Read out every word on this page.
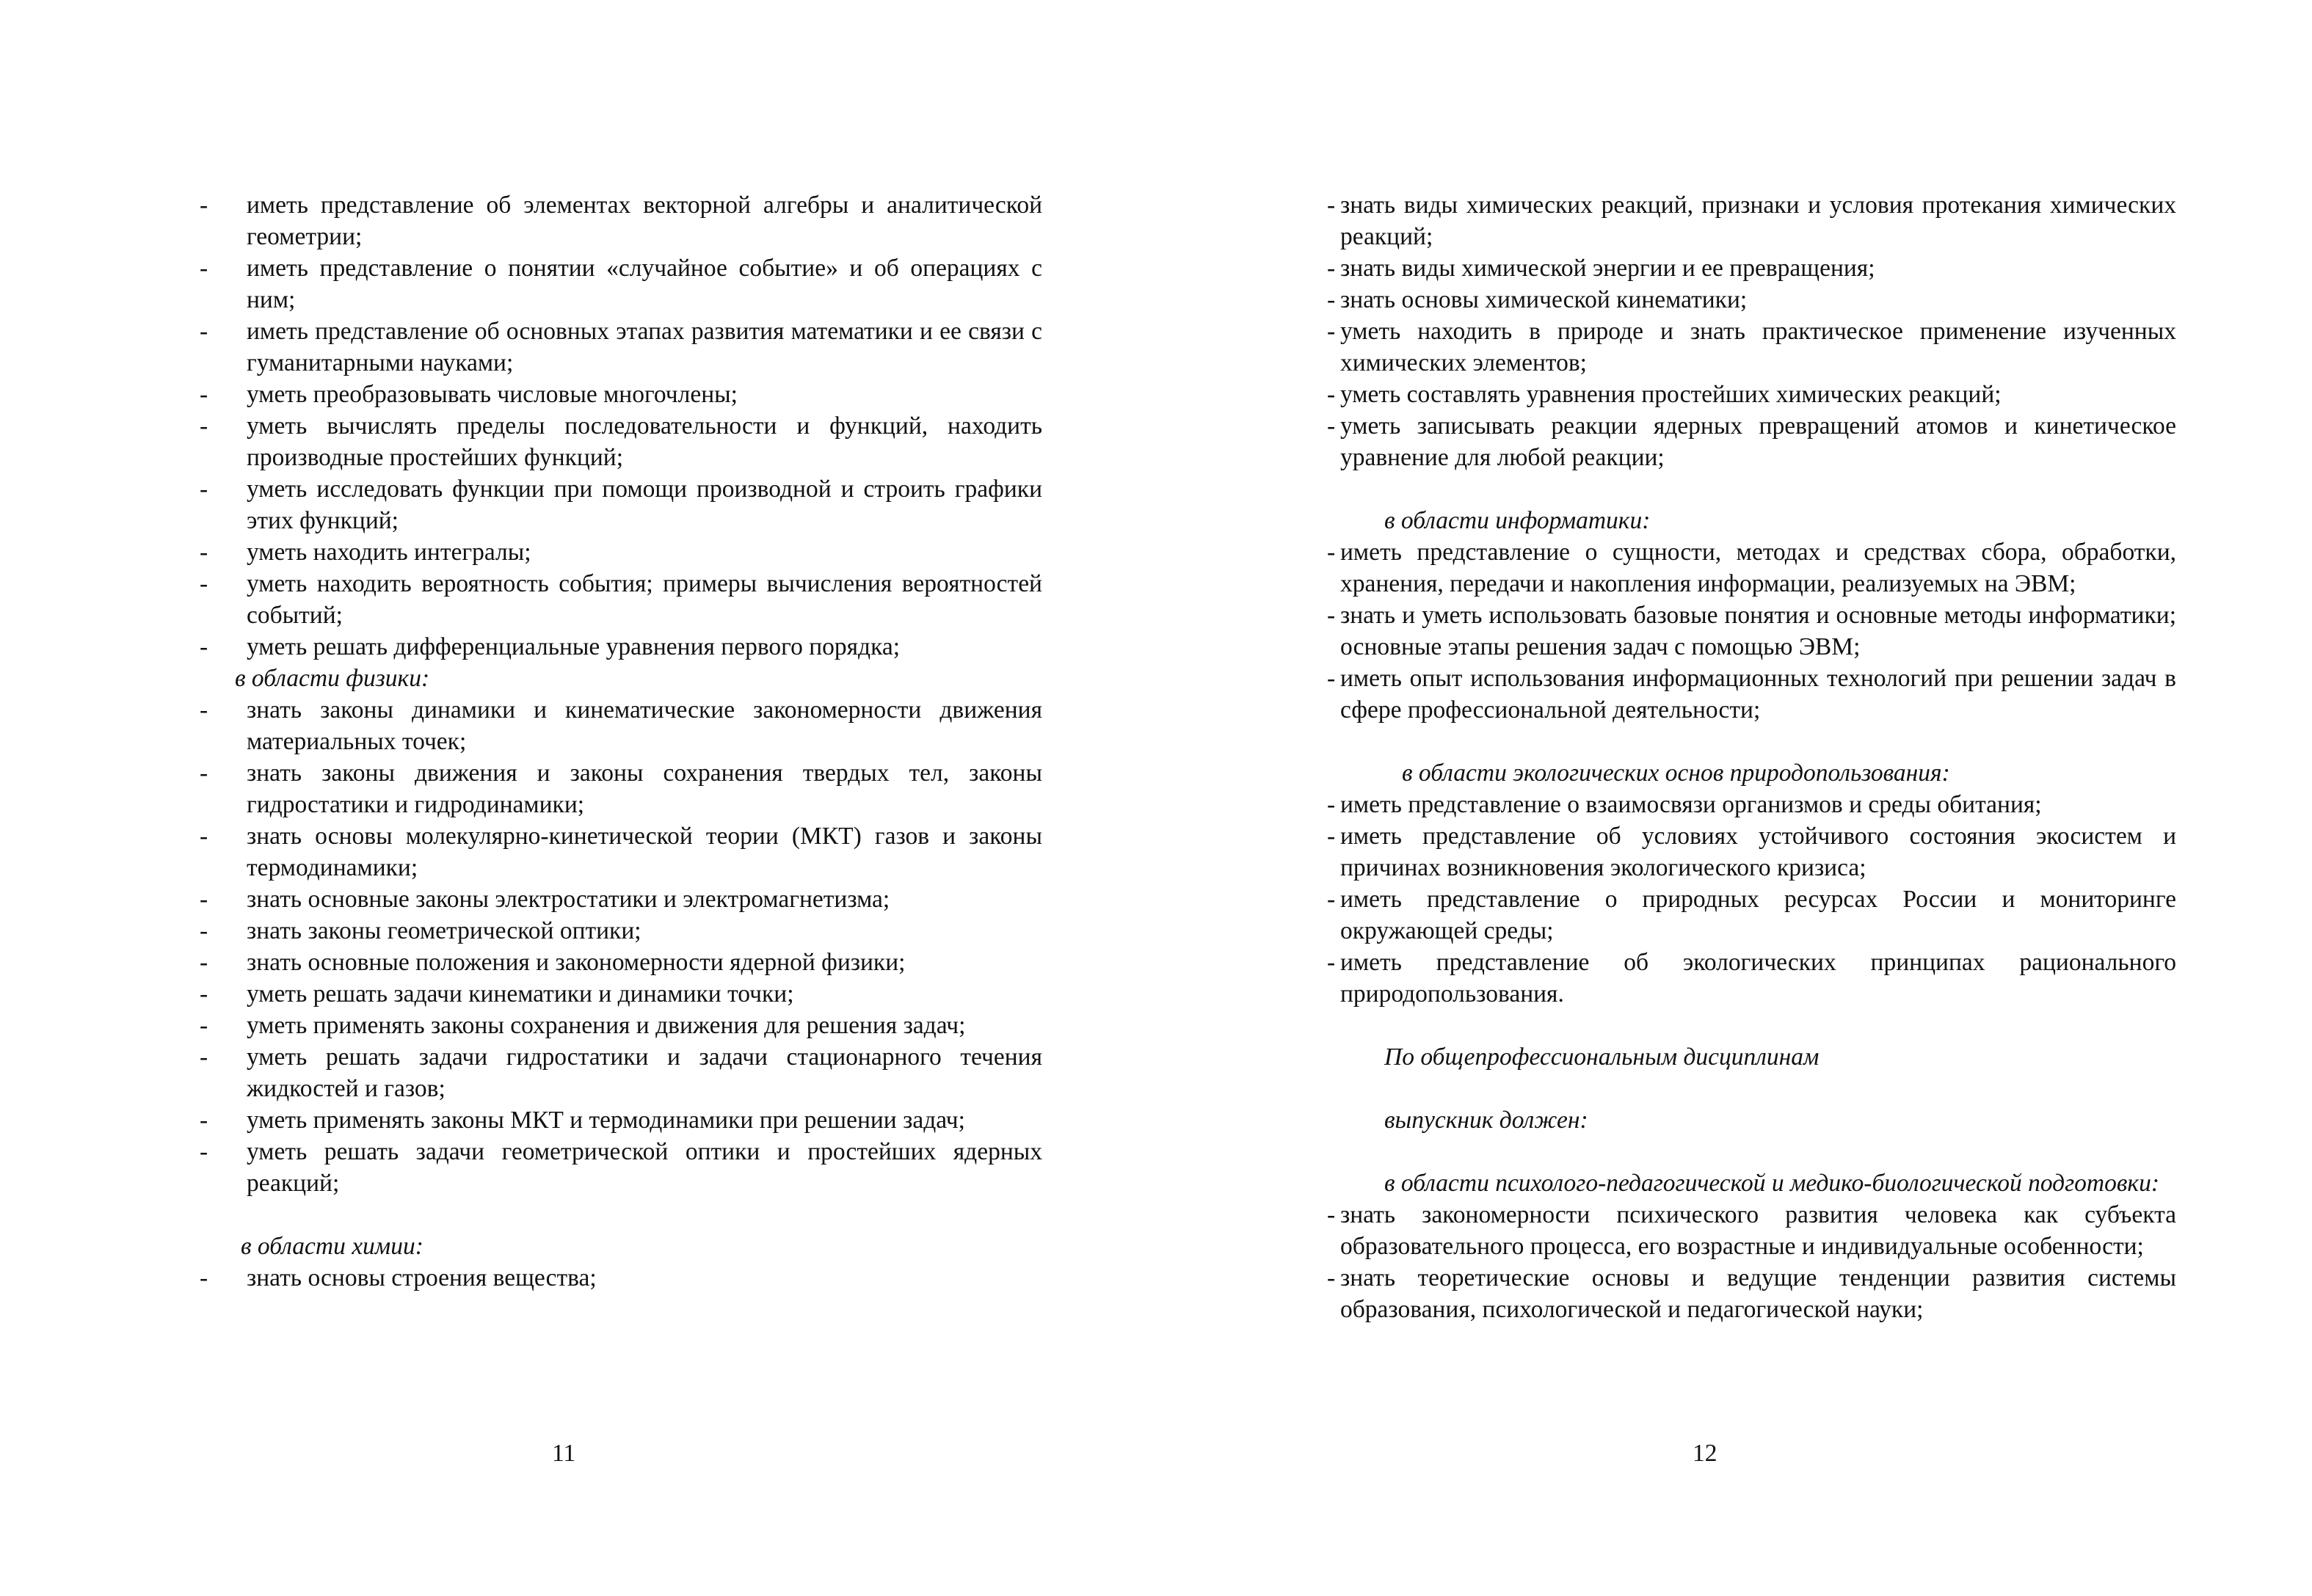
- иметь представление об элементах векторной алгебры и аналитической геометрии;
- иметь представление о понятии «случайное событие» и об операциях с ним;
- иметь представление об основных этапах развития математики и ее связи с гуманитарными науками;
- уметь преобразовывать числовые многочлены;
- уметь вычислять пределы последовательности и функций, находить производные простейших функций;
- уметь исследовать функции при помощи производной и строить графики этих функций;
- уметь находить интегралы;
- уметь находить вероятность события; примеры вычисления вероятностей событий;
- уметь решать дифференциальные уравнения первого порядка;

в области физики:

- знать законы динамики и кинематические закономерности движения материальных точек;
- знать законы движения и законы сохранения твердых тел, законы гидростатики и гидродинамики;
- знать основы молекулярно-кинетической теории (МКТ) газов и законы термодинамики;
- знать основные законы электростатики и электромагнетизма;
- знать законы геометрической оптики;
- знать основные положения и закономерности ядерной физики;
- уметь решать задачи кинематики и динамики точки;
- уметь применять законы сохранения и движения для решения задач;
- уметь решать задачи гидростатики и задачи стационарного течения жидкостей и газов;
- уметь применять законы МКТ и термодинамики при решении задач;
- уметь решать задачи геометрической оптики и простейших ядерных реакций;

в области химии:

- знать основы строения вещества;
11
- знать виды химических реакций, признаки и условия протекания химических реакций;
- знать виды химической энергии и ее превращения;
- знать основы химической кинематики;
- уметь находить в природе и знать практическое применение изученных химических элементов;
- уметь составлять уравнения простейших химических реакций;
- уметь записывать реакции ядерных превращений атомов и кинетическое уравнение для любой реакции;

в области информатики:

- иметь представление о сущности, методах и средствах сбора, обработки, хранения, передачи и накопления информации, реализуемых на ЭВМ;
- знать и уметь использовать базовые понятия и основные методы информатики; основные этапы решения задач с помощью ЭВМ;
- иметь опыт использования информационных технологий при решении задач в сфере профессиональной деятельности;

в области экологических основ природопользования:

- иметь представление о взаимосвязи организмов и среды обитания;
- иметь представление об условиях устойчивого состояния экосистем и причинах возникновения экологического кризиса;
- иметь представление о природных ресурсах России и мониторинге окружающей среды;
- иметь представление об экологических принципах рационального природопользования.

По общепрофессиональным дисциплинам

выпускник должен:

в области психолого-педагогической и медико-биологической подготовки:

- знать закономерности психического развития человека как субъекта образовательного процесса, его возрастные и индивидуальные особенности;
- знать теоретические основы и ведущие тенденции развития системы образования, психологической и педагогической науки;
12
